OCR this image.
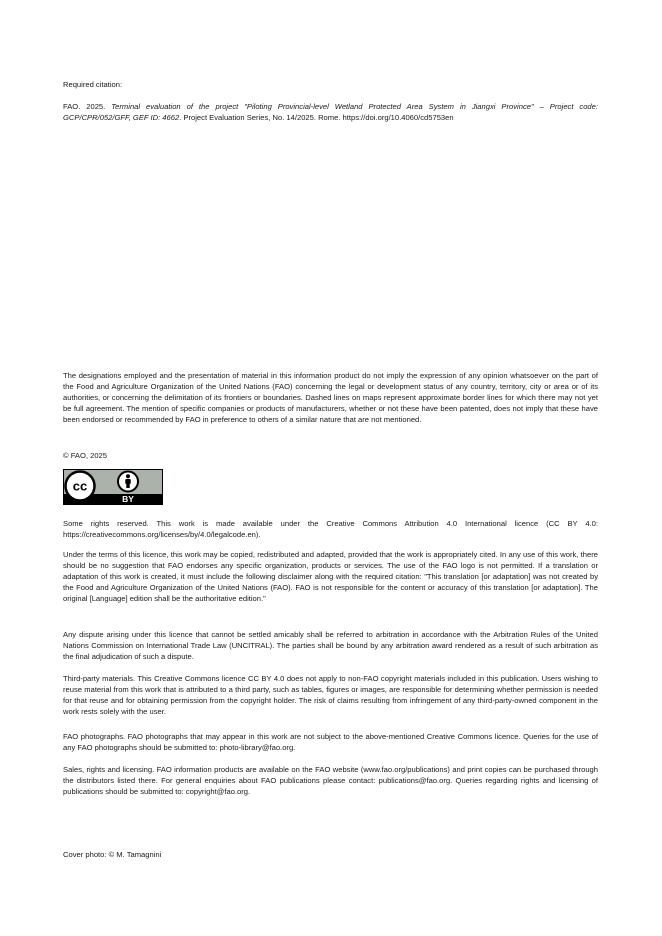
Required citation:

FAO. 2025. Terminal evaluation of the project "Piloting Provincial-level Wetland Protected Area System in Jiangxi Province" – Project code: GCP/CPR/052/GFF, GEF ID: 4662. Project Evaluation Series, No. 14/2025. Rome. https://doi.org/10.4060/cd5753en

The designations employed and the presentation of material in this information product do not imply the expression of any opinion whatsoever on the part of the Food and Agriculture Organization of the United Nations (FAO) concerning the legal or development status of any country, territory, city or area or of its authorities, or concerning the delimitation of its frontiers or boundaries. Dashed lines on maps represent approximate border lines for which there may not yet be full agreement. The mention of specific companies or products of manufacturers, whether or not these have been patented, does not imply that these have been endorsed or recommended by FAO in preference to others of a similar nature that are not mentioned.

© FAO, 2025

cc
BY

Some rights reserved. This work is made available under the Creative Commons Attribution 4.0 International licence (CC BY 4.0: https://creativecommons.org/licenses/by/4.0/legalcode.en).

Under the terms of this licence, this work may be copied, redistributed and adapted, provided that the work is appropriately cited. In any use of this work, there should be no suggestion that FAO endorses any specific organization, products or services. The use of the FAO logo is not permitted. If a translation or adaptation of this work is created, it must include the following disclaimer along with the required citation: "This translation [or adaptation] was not created by the Food and Agriculture Organization of the United Nations (FAO). FAO is not responsible for the content or accuracy of this translation [or adaptation]. The original [Language] edition shall be the authoritative edition."

Any dispute arising under this licence that cannot be settled amicably shall be referred to arbitration in accordance with the Arbitration Rules of the United Nations Commission on International Trade Law (UNCITRAL). The parties shall be bound by any arbitration award rendered as a result of such arbitration as the final adjudication of such a dispute.

Third-party materials. This Creative Commons licence CC BY 4.0 does not apply to non-FAO copyright materials included in this publication. Users wishing to reuse material from this work that is attributed to a third party, such as tables, figures or images, are responsible for determining whether permission is needed for that reuse and for obtaining permission from the copyright holder. The risk of claims resulting from infringement of any third-party-owned component in the work rests solely with the user.

FAO photographs. FAO photographs that may appear in this work are not subject to the above-mentioned Creative Commons licence. Queries for the use of any FAO photographs should be submitted to: photo-library@fao.org.

Sales, rights and licensing. FAO information products are available on the FAO website (www.fao.org/publications) and print copies can be purchased through the distributors listed there. For general enquiries about FAO publications please contact: publications@fao.org. Queries regarding rights and licensing of publications should be submitted to: copyright@fao.org.

Cover photo: © M. Tamagnini
